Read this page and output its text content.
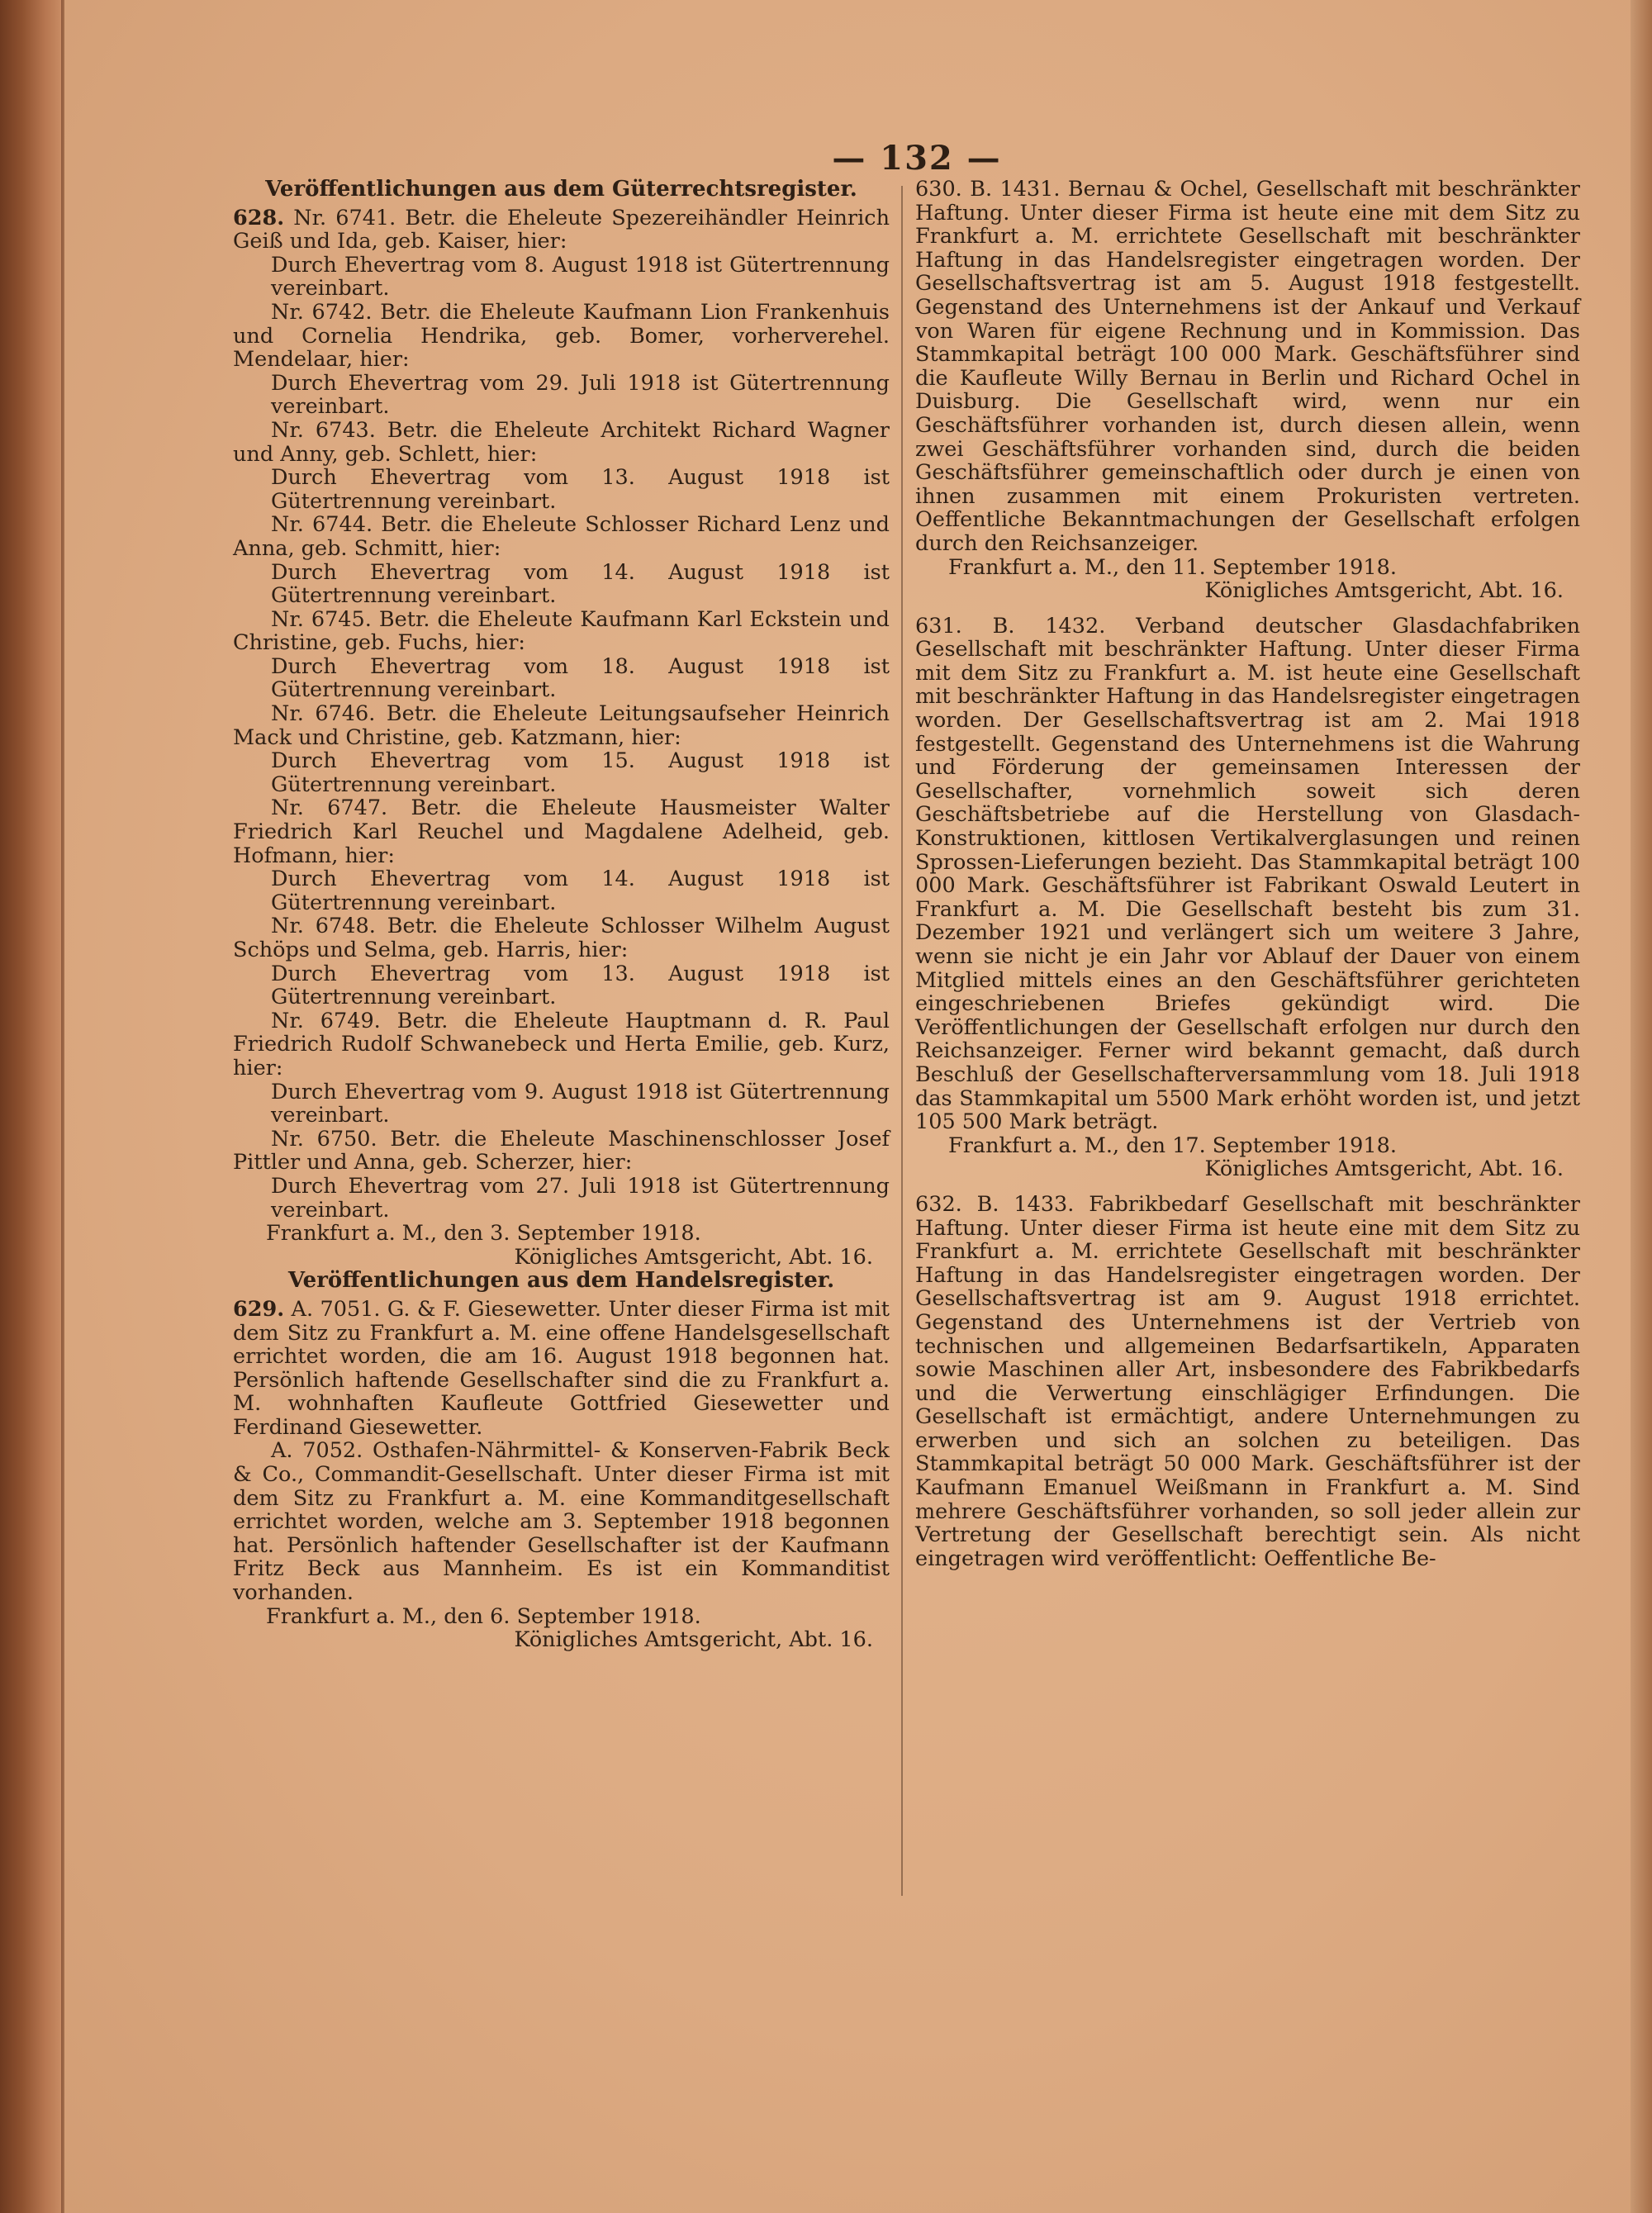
— 132 —
Veröffentlichungen aus dem Güterrechtsregister.

628. Nr. 6741. Betr. die Eheleute Spezereihändler Heinrich Geiß und Ida, geb. Kaiser, hier:

Durch Ehevertrag vom 8. August 1918 ist Gütertrennung vereinbart.

Nr. 6742. Betr. die Eheleute Kaufmann Lion Frankenhuis und Cornelia Hendrika, geb. Bomer, vorherverehel. Mendelaar, hier:

Durch Ehevertrag vom 29. Juli 1918 ist Gütertrennung vereinbart.

Nr. 6743. Betr. die Eheleute Architekt Richard Wagner und Anny, geb. Schlett, hier:

Durch Ehevertrag vom 13. August 1918 ist Gütertrennung vereinbart.

Nr. 6744. Betr. die Eheleute Schlosser Richard Lenz und Anna, geb. Schmitt, hier:

Durch Ehevertrag vom 14. August 1918 ist Gütertrennung vereinbart.

Nr. 6745. Betr. die Eheleute Kaufmann Karl Eckstein und Christine, geb. Fuchs, hier:

Durch Ehevertrag vom 18. August 1918 ist Gütertrennung vereinbart.

Nr. 6746. Betr. die Eheleute Leitungsaufseher Heinrich Mack und Christine, geb. Katzmann, hier:

Durch Ehevertrag vom 15. August 1918 ist Gütertrennung vereinbart.

Nr. 6747. Betr. die Eheleute Hausmeister Walter Friedrich Karl Reuchel und Magdalene Adelheid, geb. Hofmann, hier:

Durch Ehevertrag vom 14. August 1918 ist Gütertrennung vereinbart.

Nr. 6748. Betr. die Eheleute Schlosser Wilhelm August Schöps und Selma, geb. Harris, hier:

Durch Ehevertrag vom 13. August 1918 ist Gütertrennung vereinbart.

Nr. 6749. Betr. die Eheleute Hauptmann d. R. Paul Friedrich Rudolf Schwanebeck und Herta Emilie, geb. Kurz, hier:

Durch Ehevertrag vom 9. August 1918 ist Gütertrennung vereinbart.

Nr. 6750. Betr. die Eheleute Maschinenschlosser Josef Pittler und Anna, geb. Scherzer, hier:

Durch Ehevertrag vom 27. Juli 1918 ist Gütertrennung vereinbart.

Frankfurt a. M., den 3. September 1918.

Königliches Amtsgericht, Abt. 16.

Veröffentlichungen aus dem Handelsregister.

629. A. 7051. G. & F. Giesewetter. Unter dieser Firma ist mit dem Sitz zu Frankfurt a. M. eine offene Handelsgesellschaft errichtet worden, die am 16. August 1918 begonnen hat. Persönlich haftende Gesellschafter sind die zu Frankfurt a. M. wohnhaften Kaufleute Gottfried Giesewetter und Ferdinand Giesewetter.

A. 7052. Osthafen-Nährmittel- & Konserven-Fabrik Beck & Co., Commandit-Gesellschaft. Unter dieser Firma ist mit dem Sitz zu Frankfurt a. M. eine Kommanditgesellschaft errichtet worden, welche am 3. September 1918 begonnen hat. Persönlich haftender Gesellschafter ist der Kaufmann Fritz Beck aus Mannheim. Es ist ein Kommanditist vorhanden.

Frankfurt a. M., den 6. September 1918.

Königliches Amtsgericht, Abt. 16.

630. B. 1431. Bernau & Ochel, Gesellschaft mit beschränkter Haftung. Unter dieser Firma ist heute eine mit dem Sitz zu Frankfurt a. M. errichtete Gesellschaft mit beschränkter Haftung in das Handelsregister eingetragen worden. Der Gesellschaftsvertrag ist am 5. August 1918 festgestellt. Gegenstand des Unternehmens ist der Ankauf und Verkauf von Waren für eigene Rechnung und in Kommission. Das Stammkapital beträgt 100 000 Mark. Geschäftsführer sind die Kaufleute Willy Bernau in Berlin und Richard Ochel in Duisburg. Die Gesellschaft wird, wenn nur ein Geschäftsführer vorhanden ist, durch diesen allein, wenn zwei Geschäftsführer vorhanden sind, durch die beiden Geschäftsführer gemeinschaftlich oder durch je einen von ihnen zusammen mit einem Prokuristen vertreten. Oeffentliche Bekanntmachungen der Gesellschaft erfolgen durch den Reichsanzeiger.

Frankfurt a. M., den 11. September 1918.

Königliches Amtsgericht, Abt. 16.

631. B. 1432. Verband deutscher Glasdachfabriken Gesellschaft mit beschränkter Haftung. Unter dieser Firma mit dem Sitz zu Frankfurt a. M. ist heute eine Gesellschaft mit beschränkter Haftung in das Handelsregister eingetragen worden. Der Gesellschaftsvertrag ist am 2. Mai 1918 festgestellt. Gegenstand des Unternehmens ist die Wahrung und Förderung der gemeinsamen Interessen der Gesellschafter, vornehmlich soweit sich deren Geschäftsbetriebe auf die Herstellung von Glasdach-Konstruktionen, kittlosen Vertikalverglasungen und reinen Sprossen-Lieferungen bezieht. Das Stammkapital beträgt 100 000 Mark. Geschäftsführer ist Fabrikant Oswald Leutert in Frankfurt a. M. Die Gesellschaft besteht bis zum 31. Dezember 1921 und verlängert sich um weitere 3 Jahre, wenn sie nicht je ein Jahr vor Ablauf der Dauer von einem Mitglied mittels eines an den Geschäftsführer gerichteten eingeschriebenen Briefes gekündigt wird. Die Veröffentlichungen der Gesellschaft erfolgen nur durch den Reichsanzeiger. Ferner wird bekannt gemacht, daß durch Beschluß der Gesellschafterversammlung vom 18. Juli 1918 das Stammkapital um 5500 Mark erhöht worden ist, und jetzt 105 500 Mark beträgt.

Frankfurt a. M., den 17. September 1918.

Königliches Amtsgericht, Abt. 16.

632. B. 1433. Fabrikbedarf Gesellschaft mit beschränkter Haftung. Unter dieser Firma ist heute eine mit dem Sitz zu Frankfurt a. M. errichtete Gesellschaft mit beschränkter Haftung in das Handelsregister eingetragen worden. Der Gesellschaftsvertrag ist am 9. August 1918 errichtet. Gegenstand des Unternehmens ist der Vertrieb von technischen und allgemeinen Bedarfsartikeln, Apparaten sowie Maschinen aller Art, insbesondere des Fabrikbedarfs und die Verwertung einschlägiger Erfindungen. Die Gesellschaft ist ermächtigt, andere Unternehmungen zu erwerben und sich an solchen zu beteiligen. Das Stammkapital beträgt 50 000 Mark. Geschäftsführer ist der Kaufmann Emanuel Weißmann in Frankfurt a. M. Sind mehrere Geschäftsführer vorhanden, so soll jeder allein zur Vertretung der Gesellschaft berechtigt sein. Als nicht eingetragen wird veröffentlicht: Oeffentliche Be-
